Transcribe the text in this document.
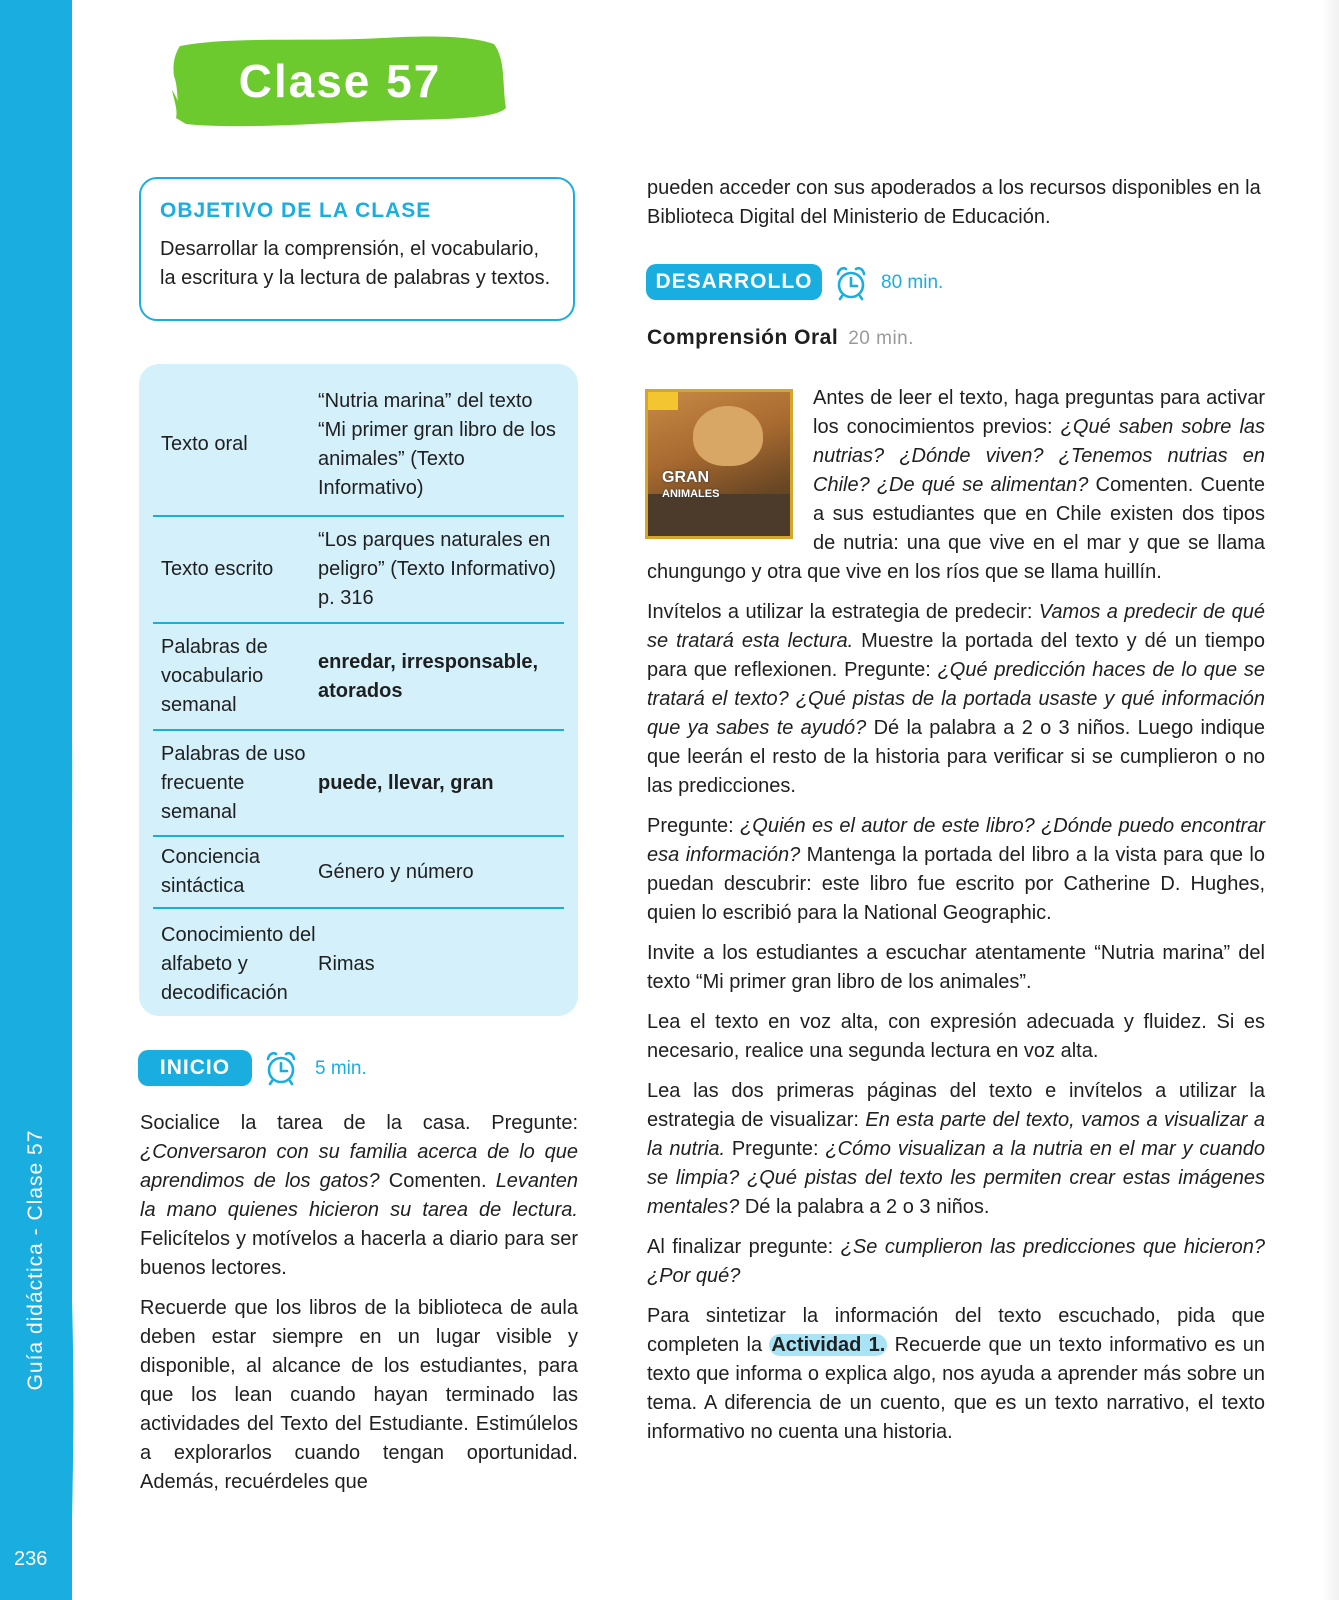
Guía didáctica - Clase 57
236
Clase 57
OBJETIVO DE LA CLASE
Desarrollar la comprensión, el vocabulario,
la escritura y la lectura de palabras y textos.
Texto oral
“Nutria marina” del texto “Mi primer gran libro de los animales” (Texto Informativo)
Texto escrito
“Los parques naturales en peligro” (Texto Informativo) p. 316
Palabras de vocabulario semanal
enredar, irresponsable, atorados
Palabras de uso frecuente semanal
puede, llevar, gran
Conciencia sintáctica
Género y número
Conocimiento del alfabeto y decodificación
Rimas
INICIO	5 min.

Socialice la tarea de la casa. Pregunte: ¿Conversaron con su familia acerca de lo que aprendimos de los gatos? Comenten. Levanten la mano quienes hicieron su tarea de lectura. Felicítelos y motívelos a hacerla a diario para ser buenos lectores.

Recuerde que los libros de la biblioteca de aula deben estar siempre en un lugar visible y disponible, al alcance de los estudiantes, para que los lean cuando hayan terminado las actividades del Texto del Estudiante. Estimúlelos a explorarlos cuando tengan oportunidad. Además, recuérdeles que

pueden acceder con sus apoderados a los recursos disponibles en la Biblioteca Digital del Ministerio de Educación.

DESARROLLO	80 min.
Comprensión Oral 20 min.
GRAN
ANIMALES

Antes de leer el texto, haga preguntas para activar los conocimientos previos: ¿Qué saben sobre las nutrias? ¿Dónde viven? ¿Tenemos nutrias en Chile? ¿De qué se alimentan? Comenten. Cuente a sus estudiantes que en Chile existen dos tipos de nutria: una que vive en el mar y que se llama chungungo y otra que vive en los ríos que se llama huillín.

Invítelos a utilizar la estrategia de predecir: Vamos a predecir de qué se tratará esta lectura. Muestre la portada del texto y dé un tiempo para que reflexionen. Pregunte: ¿Qué predicción haces de lo que se tratará el texto? ¿Qué pistas de la portada usaste y qué información que ya sabes te ayudó? Dé la palabra a 2 o 3 niños. Luego indique que leerán el resto de la historia para verificar si se cumplieron o no las predicciones.

Pregunte: ¿Quién es el autor de este libro? ¿Dónde puedo encontrar esa información? Mantenga la portada del libro a la vista para que lo puedan descubrir: este libro fue escrito por Catherine D. Hughes, quien lo escribió para la National Geographic.

Invite a los estudiantes a escuchar atentamente “Nutria marina” del texto “Mi primer gran libro de los animales”.

Lea el texto en voz alta, con expresión adecuada y fluidez. Si es necesario, realice una segunda lectura en voz alta.

Lea las dos primeras páginas del texto e invítelos a utilizar la estrategia de visualizar: En esta parte del texto, vamos a visualizar a la nutria. Pregunte: ¿Cómo visualizan a la nutria en el mar y cuando se limpia? ¿Qué pistas del texto les permiten crear estas imágenes mentales? Dé la palabra a 2 o 3 niños.

Al finalizar pregunte: ¿Se cumplieron las predicciones que hicieron? ¿Por qué?

Para sintetizar la información del texto escuchado, pida que completen la Actividad 1. Recuerde que un texto informativo es un texto que informa o explica algo, nos ayuda a aprender más sobre un tema. A diferencia de un cuento, que es un texto narrativo, el texto informativo no cuenta una historia.
